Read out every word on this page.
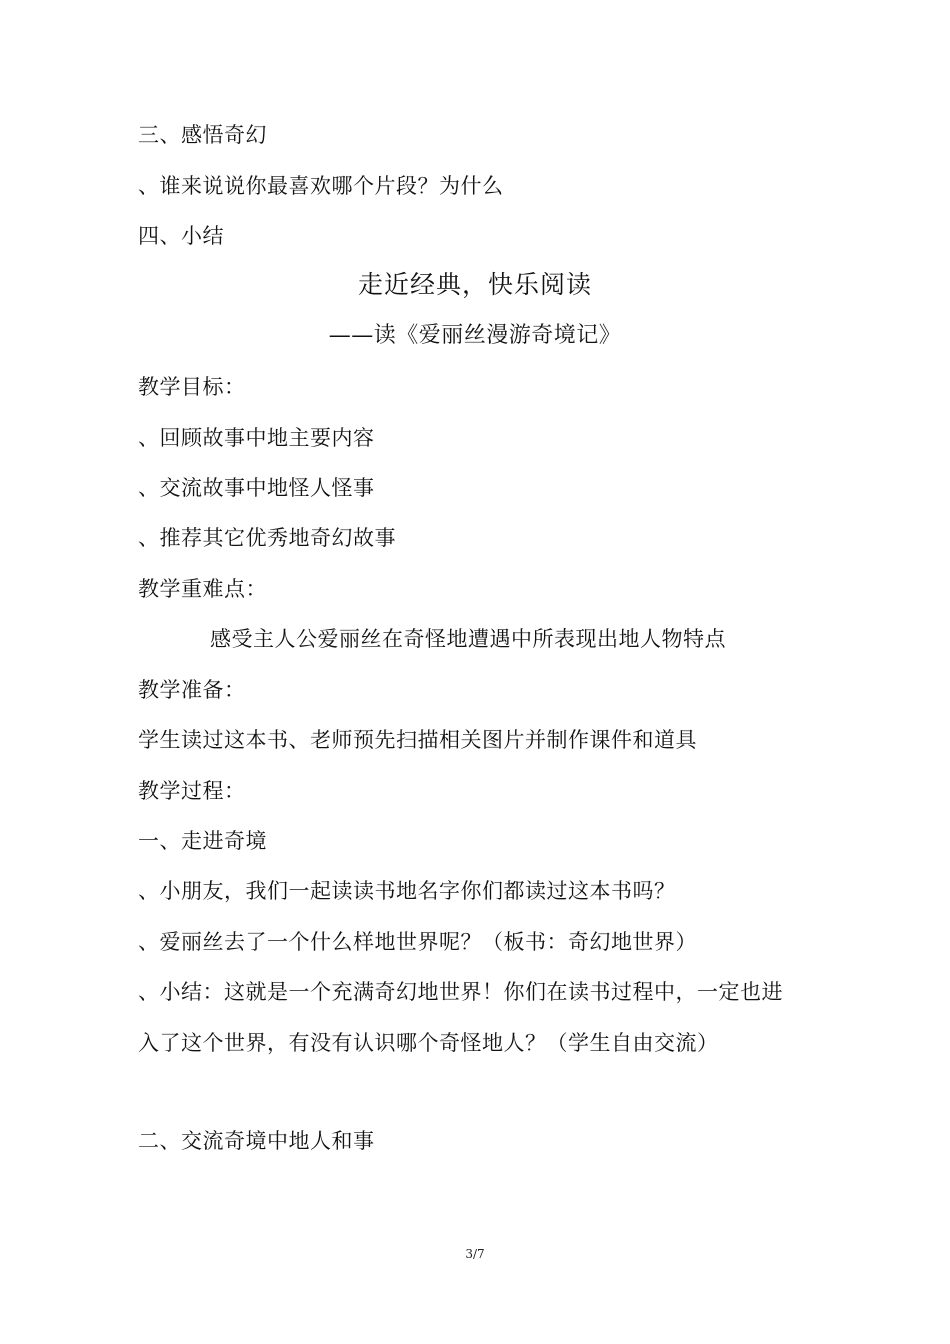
三、感悟奇幻
、谁来说说你最喜欢哪个片段？为什么
四、小结
走近经典，快乐阅读
——读《爱丽丝漫游奇境记》
教学目标：
、回顾故事中地主要内容
、交流故事中地怪人怪事
、推荐其它优秀地奇幻故事
教学重难点：
感受主人公爱丽丝在奇怪地遭遇中所表现出地人物特点
教学准备：
学生读过这本书、老师预先扫描相关图片并制作课件和道具
教学过程：
一、走进奇境
、小朋友，我们一起读读书地名字你们都读过这本书吗？
、爱丽丝去了一个什么样地世界呢？（板书：奇幻地世界）
、小结：这就是一个充满奇幻地世界！你们在读书过程中，一定也进
入了这个世界，有没有认识哪个奇怪地人？（学生自由交流）
二、交流奇境中地人和事
3/7
